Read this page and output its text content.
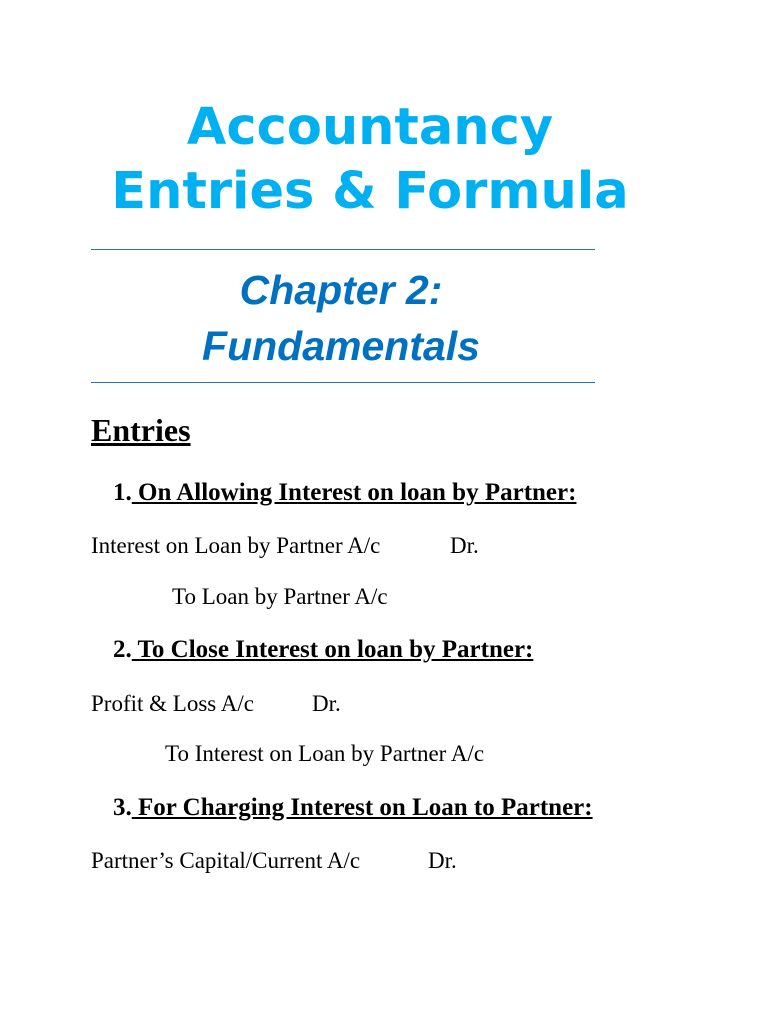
Accountancy
Entries & Formula
Chapter 2:
Fundamentals
Entries
1. On Allowing Interest on loan by Partner:
Interest on Loan by Partner A/c	Dr.
To Loan by Partner A/c
2. To Close Interest on loan by Partner:
Profit & Loss A/c	Dr.
To Interest on Loan by Partner A/c
3. For Charging Interest on Loan to Partner:
Partner’s Capital/Current A/c	Dr.
